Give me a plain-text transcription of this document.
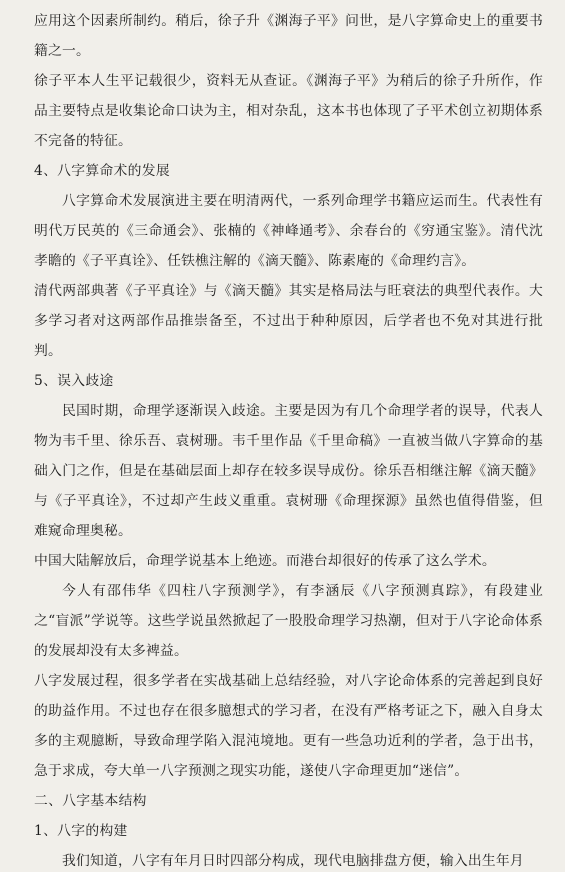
应用这个因素所制约。稍后，徐子升《渊海子平》问世，是八字算命史上的重要书籍之一。

徐子平本人生平记载很少，资料无从查证。《渊海子平》为稍后的徐子升所作，作品主要特点是收集论命口诀为主，相对杂乱，这本书也体现了子平术创立初期体系不完备的特征。

4、八字算命术的发展

八字算命术发展演进主要在明清两代，一系列命理学书籍应运而生。代表性有明代万民英的《三命通会》、张楠的《神峰通考》、余春台的《穷通宝鉴》。清代沈孝瞻的《子平真诠》、任铁樵注解的《滴天髓》、陈素庵的《命理约言》。

清代两部典著《子平真诠》与《滴天髓》其实是格局法与旺衰法的典型代表作。大多学习者对这两部作品推崇备至，不过出于种种原因，后学者也不免对其进行批判。

5、误入歧途

民国时期，命理学逐渐误入歧途。主要是因为有几个命理学者的误导，代表人物为韦千里、徐乐吾、袁树珊。韦千里作品《千里命稿》一直被当做八字算命的基础入门之作，但是在基础层面上却存在较多误导成份。徐乐吾相继注解《滴天髓》与《子平真诠》，不过却产生歧义重重。袁树珊《命理探源》虽然也值得借鉴，但难窥命理奥秘。

中国大陆解放后，命理学说基本上绝迹。而港台却很好的传承了这么学术。

今人有邵伟华《四柱八字预测学》，有李涵辰《八字预测真踪》，有段建业之“盲派”学说等。这些学说虽然掀起了一股股命理学习热潮，但对于八字论命体系的发展却没有太多裨益。

八字发展过程，很多学者在实战基础上总结经验，对八字论命体系的完善起到良好的助益作用。不过也存在很多臆想式的学习者，在没有严格考证之下，融入自身太多的主观臆断，导致命理学陷入混沌境地。更有一些急功近利的学者，急于出书，急于求成，夸大单一八字预测之现实功能，遂使八字命理更加“迷信”。

二、八字基本结构

1、八字的构建

我们知道，八字有年月日时四部分构成，现代电脑排盘方便，输入出生年月
